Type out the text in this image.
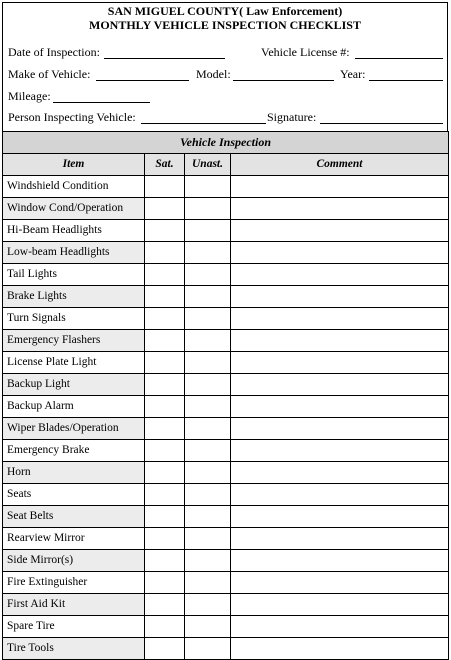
SAN MIGUEL COUNTY( Law Enforcement)
MONTHLY VEHICLE INSPECTION CHECKLIST
Date of Inspection:	Vehicle License #:
Make of Vehicle:	Model:	Year:
Mileage:
Person Inspecting Vehicle:	Signature:
Vehicle Inspection			
Item	Sat.	Unast.	Comment
Windshield Condition			
Window Cond/Operation			
Hi-Beam Headlights			
Low-beam Headlights			
Tail Lights			
Brake Lights			
Turn Signals			
Emergency Flashers			
License Plate Light			
Backup Light			
Backup Alarm			
Wiper Blades/Operation			
Emergency Brake			
Horn			
Seats			
Seat Belts			
Rearview Mirror			
Side Mirror(s)			
Fire Extinguisher			
First Aid Kit			
Spare Tire			
Tire Tools			
